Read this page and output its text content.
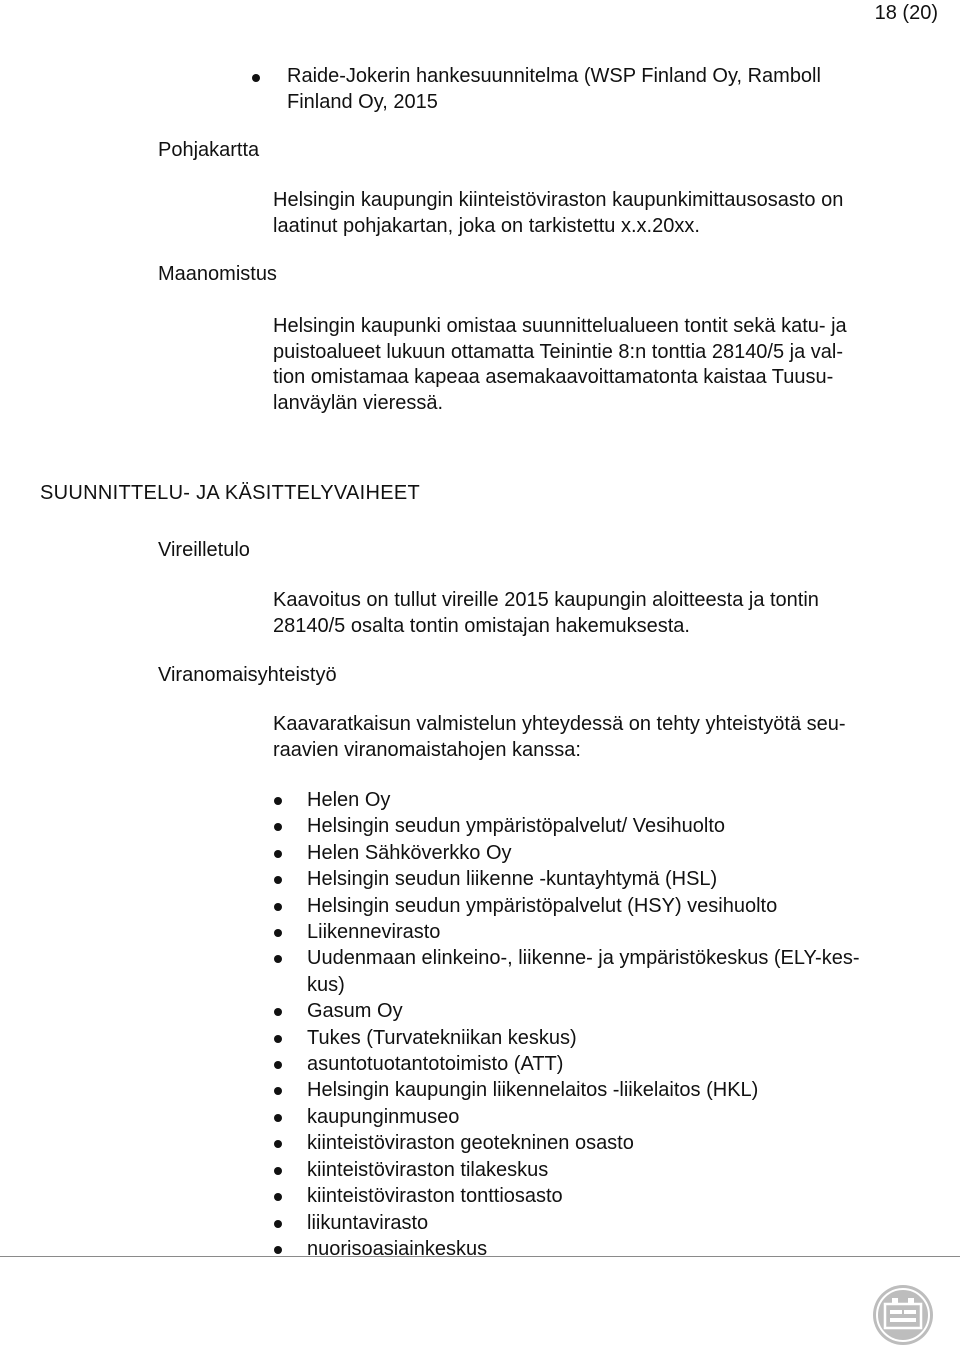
18 (20)
Raide-Jokerin hankesuunnitelma (WSP Finland Oy, Ramboll
Finland Oy, 2015
Pohjakartta
Helsingin kaupungin kiinteistöviraston kaupunkimittausosasto on
laatinut pohjakartan, joka on tarkistettu x.x.20xx.
Maanomistus
Helsingin kaupunki omistaa suunnittelualueen tontit sekä katu- ja
puistoalueet lukuun ottamatta Teinintie 8:n tonttia 28140/5 ja val-
tion omistamaa kapeaa asemakaavoittamatonta kaistaa Tuusu-
lanväylän vieressä.
SUUNNITTELU- JA KÄSITTELYVAIHEET
Vireilletulo
Kaavoitus on tullut vireille 2015 kaupungin aloitteesta ja tontin
28140/5 osalta tontin omistajan hakemuksesta.
Viranomaisyhteistyö
Kaavaratkaisun valmistelun yhteydessä on tehty yhteistyötä seu-
raavien viranomaistahojen kanssa:
Helen Oy
Helsingin seudun ympäristöpalvelut/ Vesihuolto
Helen Sähköverkko Oy
Helsingin seudun liikenne -kuntayhtymä (HSL)
Helsingin seudun ympäristöpalvelut (HSY) vesihuolto
Liikennevirasto
Uudenmaan elinkeino-, liikenne- ja ympäristökeskus (ELY-kes-
kus)
Gasum Oy
Tukes (Turvatekniikan keskus)
asuntotuotantotoimisto (ATT)
Helsingin kaupungin liikennelaitos -liikelaitos (HKL)
kaupunginmuseo
kiinteistöviraston geotekninen osasto
kiinteistöviraston tilakeskus
kiinteistöviraston tonttiosasto
liikuntavirasto
nuorisoasiainkeskus
